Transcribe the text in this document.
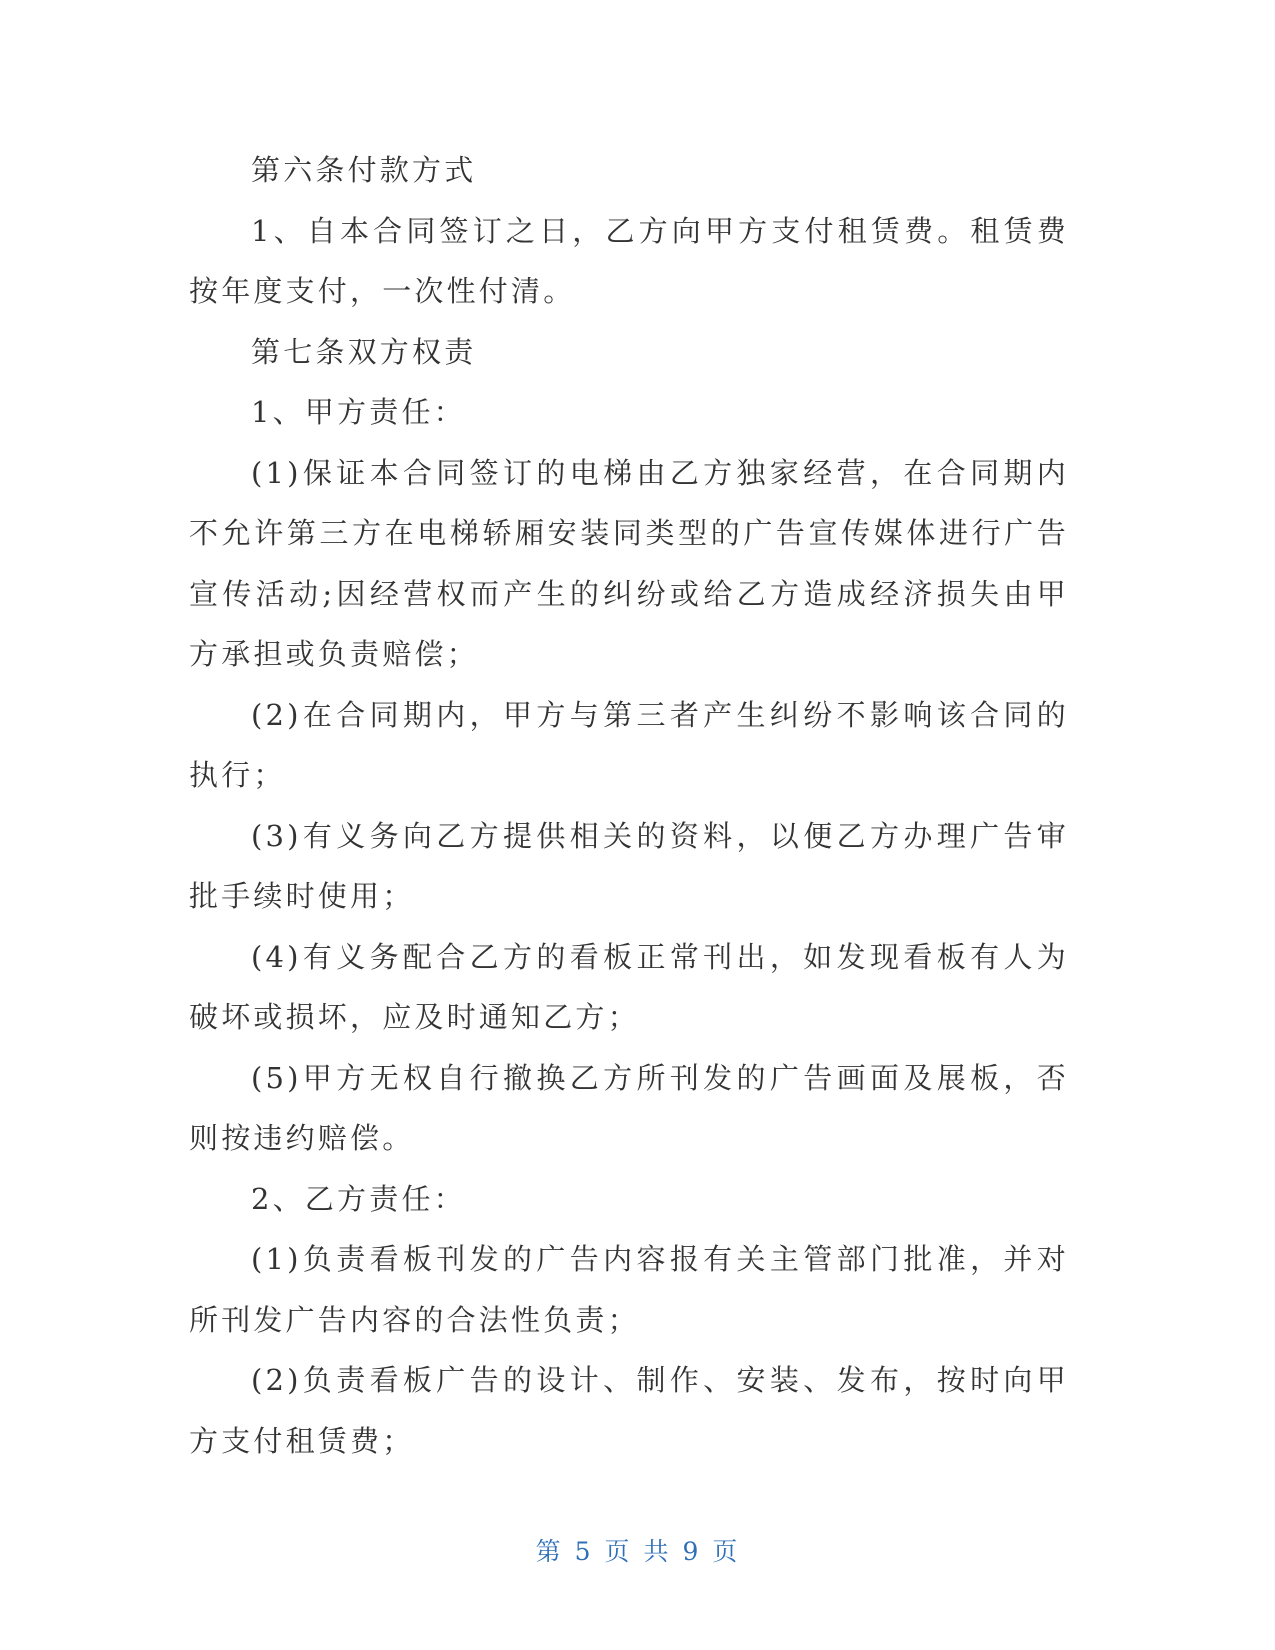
第六条付款方式

1、自本合同签订之日，乙方向甲方支付租赁费。租赁费按年度支付，一次性付清。

第七条双方权责

1、甲方责任：

(1)保证本合同签订的电梯由乙方独家经营，在合同期内不允许第三方在电梯轿厢安装同类型的广告宣传媒体进行广告宣传活动;因经营权而产生的纠纷或给乙方造成经济损失由甲方承担或负责赔偿；

(2)在合同期内，甲方与第三者产生纠纷不影响该合同的执行；

(3)有义务向乙方提供相关的资料，以便乙方办理广告审批手续时使用；

(4)有义务配合乙方的看板正常刊出，如发现看板有人为破坏或损坏，应及时通知乙方；

(5)甲方无权自行撤换乙方所刊发的广告画面及展板，否则按违约赔偿。

2、乙方责任：

(1)负责看板刊发的广告内容报有关主管部门批准，并对所刊发广告内容的合法性负责；

(2)负责看板广告的设计、制作、安装、发布，按时向甲方支付租赁费；

第 5 页 共 9 页
